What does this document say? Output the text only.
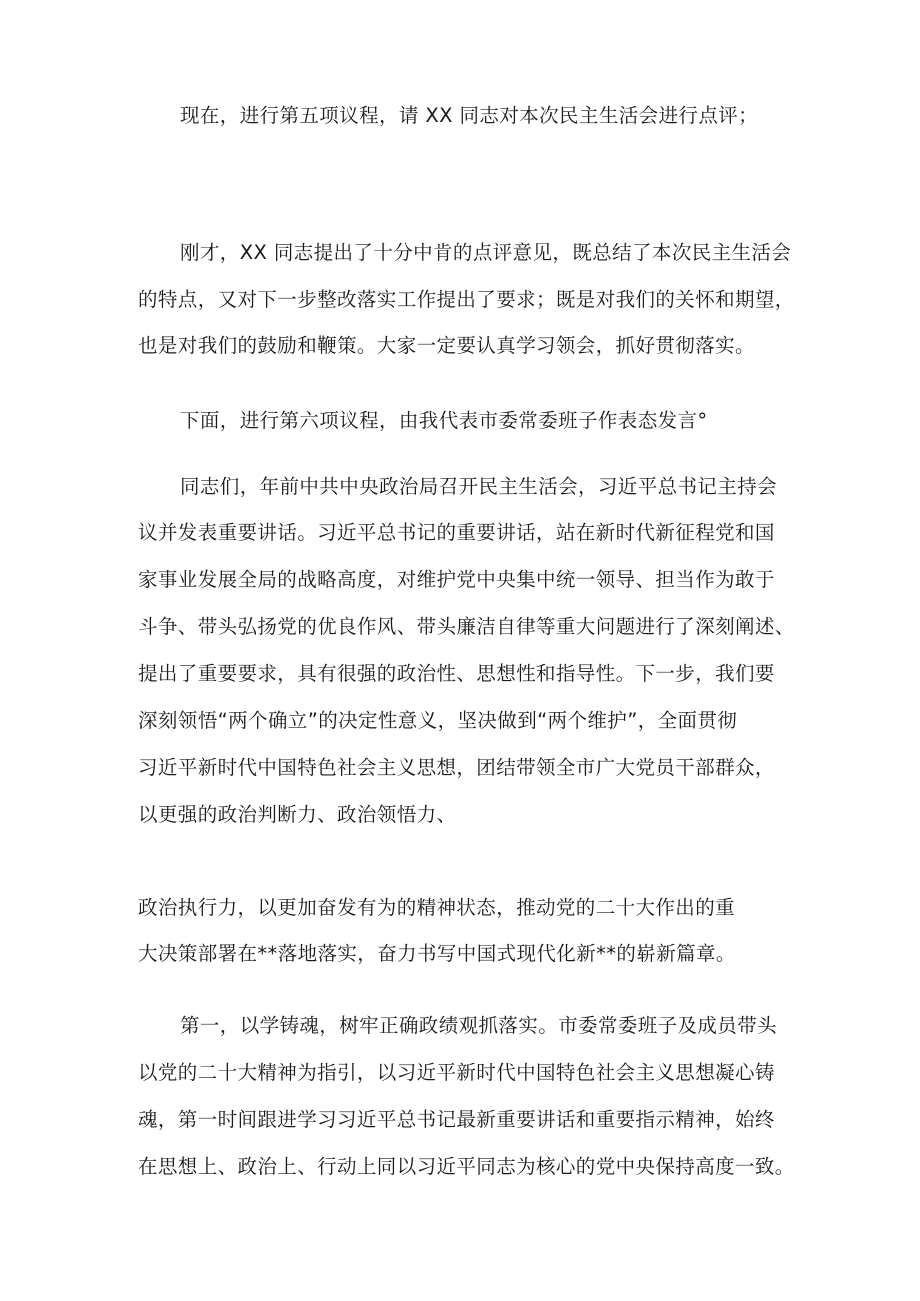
现在，进行第五项议程，请 XX 同志对本次民主生活会进行点评；
刚才，XX 同志提出了十分中肯的点评意见，既总结了本次民主生活会
的特点，又对下一步整改落实工作提出了要求；既是对我们的关怀和期望，
也是对我们的鼓励和鞭策。大家一定要认真学习领会，抓好贯彻落实。
下面，进行第六项议程，由我代表市委常委班子作表态发言°
同志们，年前中共中央政治局召开民主生活会，习近平总书记主持会
议并发表重要讲话。习近平总书记的重要讲话，站在新时代新征程党和国
家事业发展全局的战略高度，对维护党中央集中统一领导、担当作为敢于
斗争、带头弘扬党的优良作风、带头廉洁自律等重大问题进行了深刻阐述、
提出了重要要求，具有很强的政治性、思想性和指导性。下一步，我们要
深刻领悟“两个确立”的决定性意义，坚决做到“两个维护”，全面贯彻
习近平新时代中国特色社会主义思想，团结带领全市广大党员干部群众，
以更强的政治判断力、政治领悟力、
政治执行力，以更加奋发有为的精神状态，推动党的二十大作出的重
大决策部署在**落地落实，奋力书写中国式现代化新**的崭新篇章。
第一，以学铸魂，树牢正确政绩观抓落实。市委常委班子及成员带头
以党的二十大精神为指引，以习近平新时代中国特色社会主义思想凝心铸
魂，第一时间跟进学习习近平总书记最新重要讲话和重要指示精神，始终
在思想上、政治上、行动上同以习近平同志为核心的党中央保持高度一致。
